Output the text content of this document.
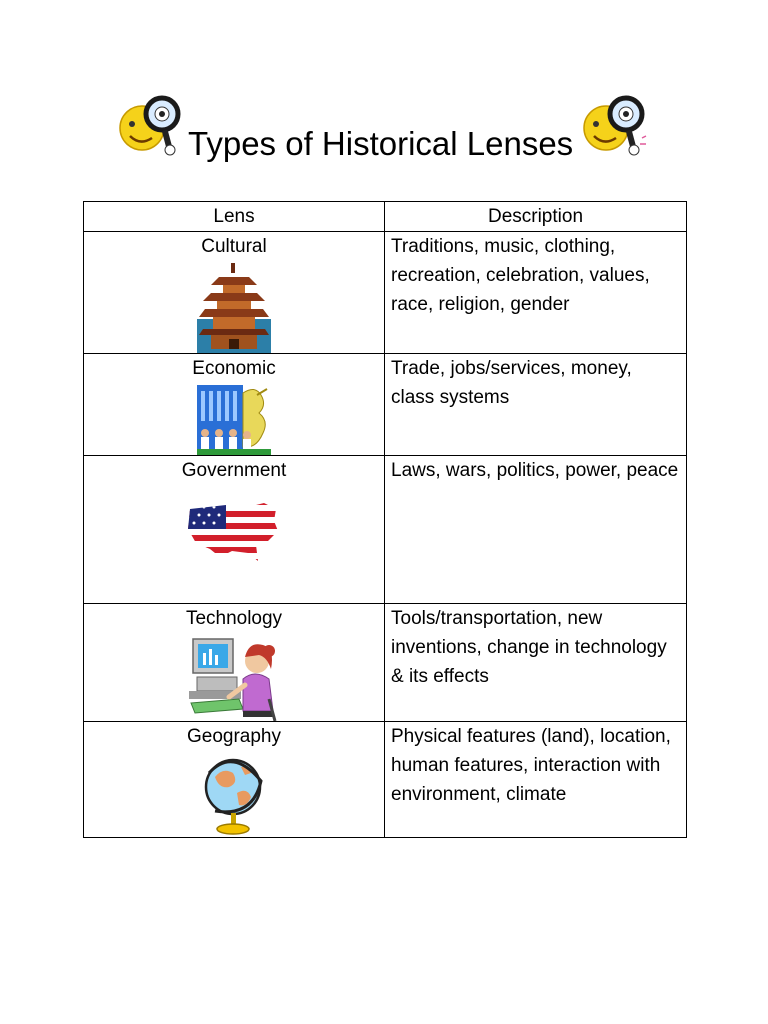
Types of Historical Lenses
Lens	Description

Cultural	Traditions, music, clothing, recreation, celebration, values, race, religion, gender

Economic	Trade, jobs/services, money, class systems

Government	Laws, wars, politics, power, peace

Technology	Tools/transportation, new inventions, change in technology & its effects

Geography	Physical features (land), location, human features, interaction with environment, climate
